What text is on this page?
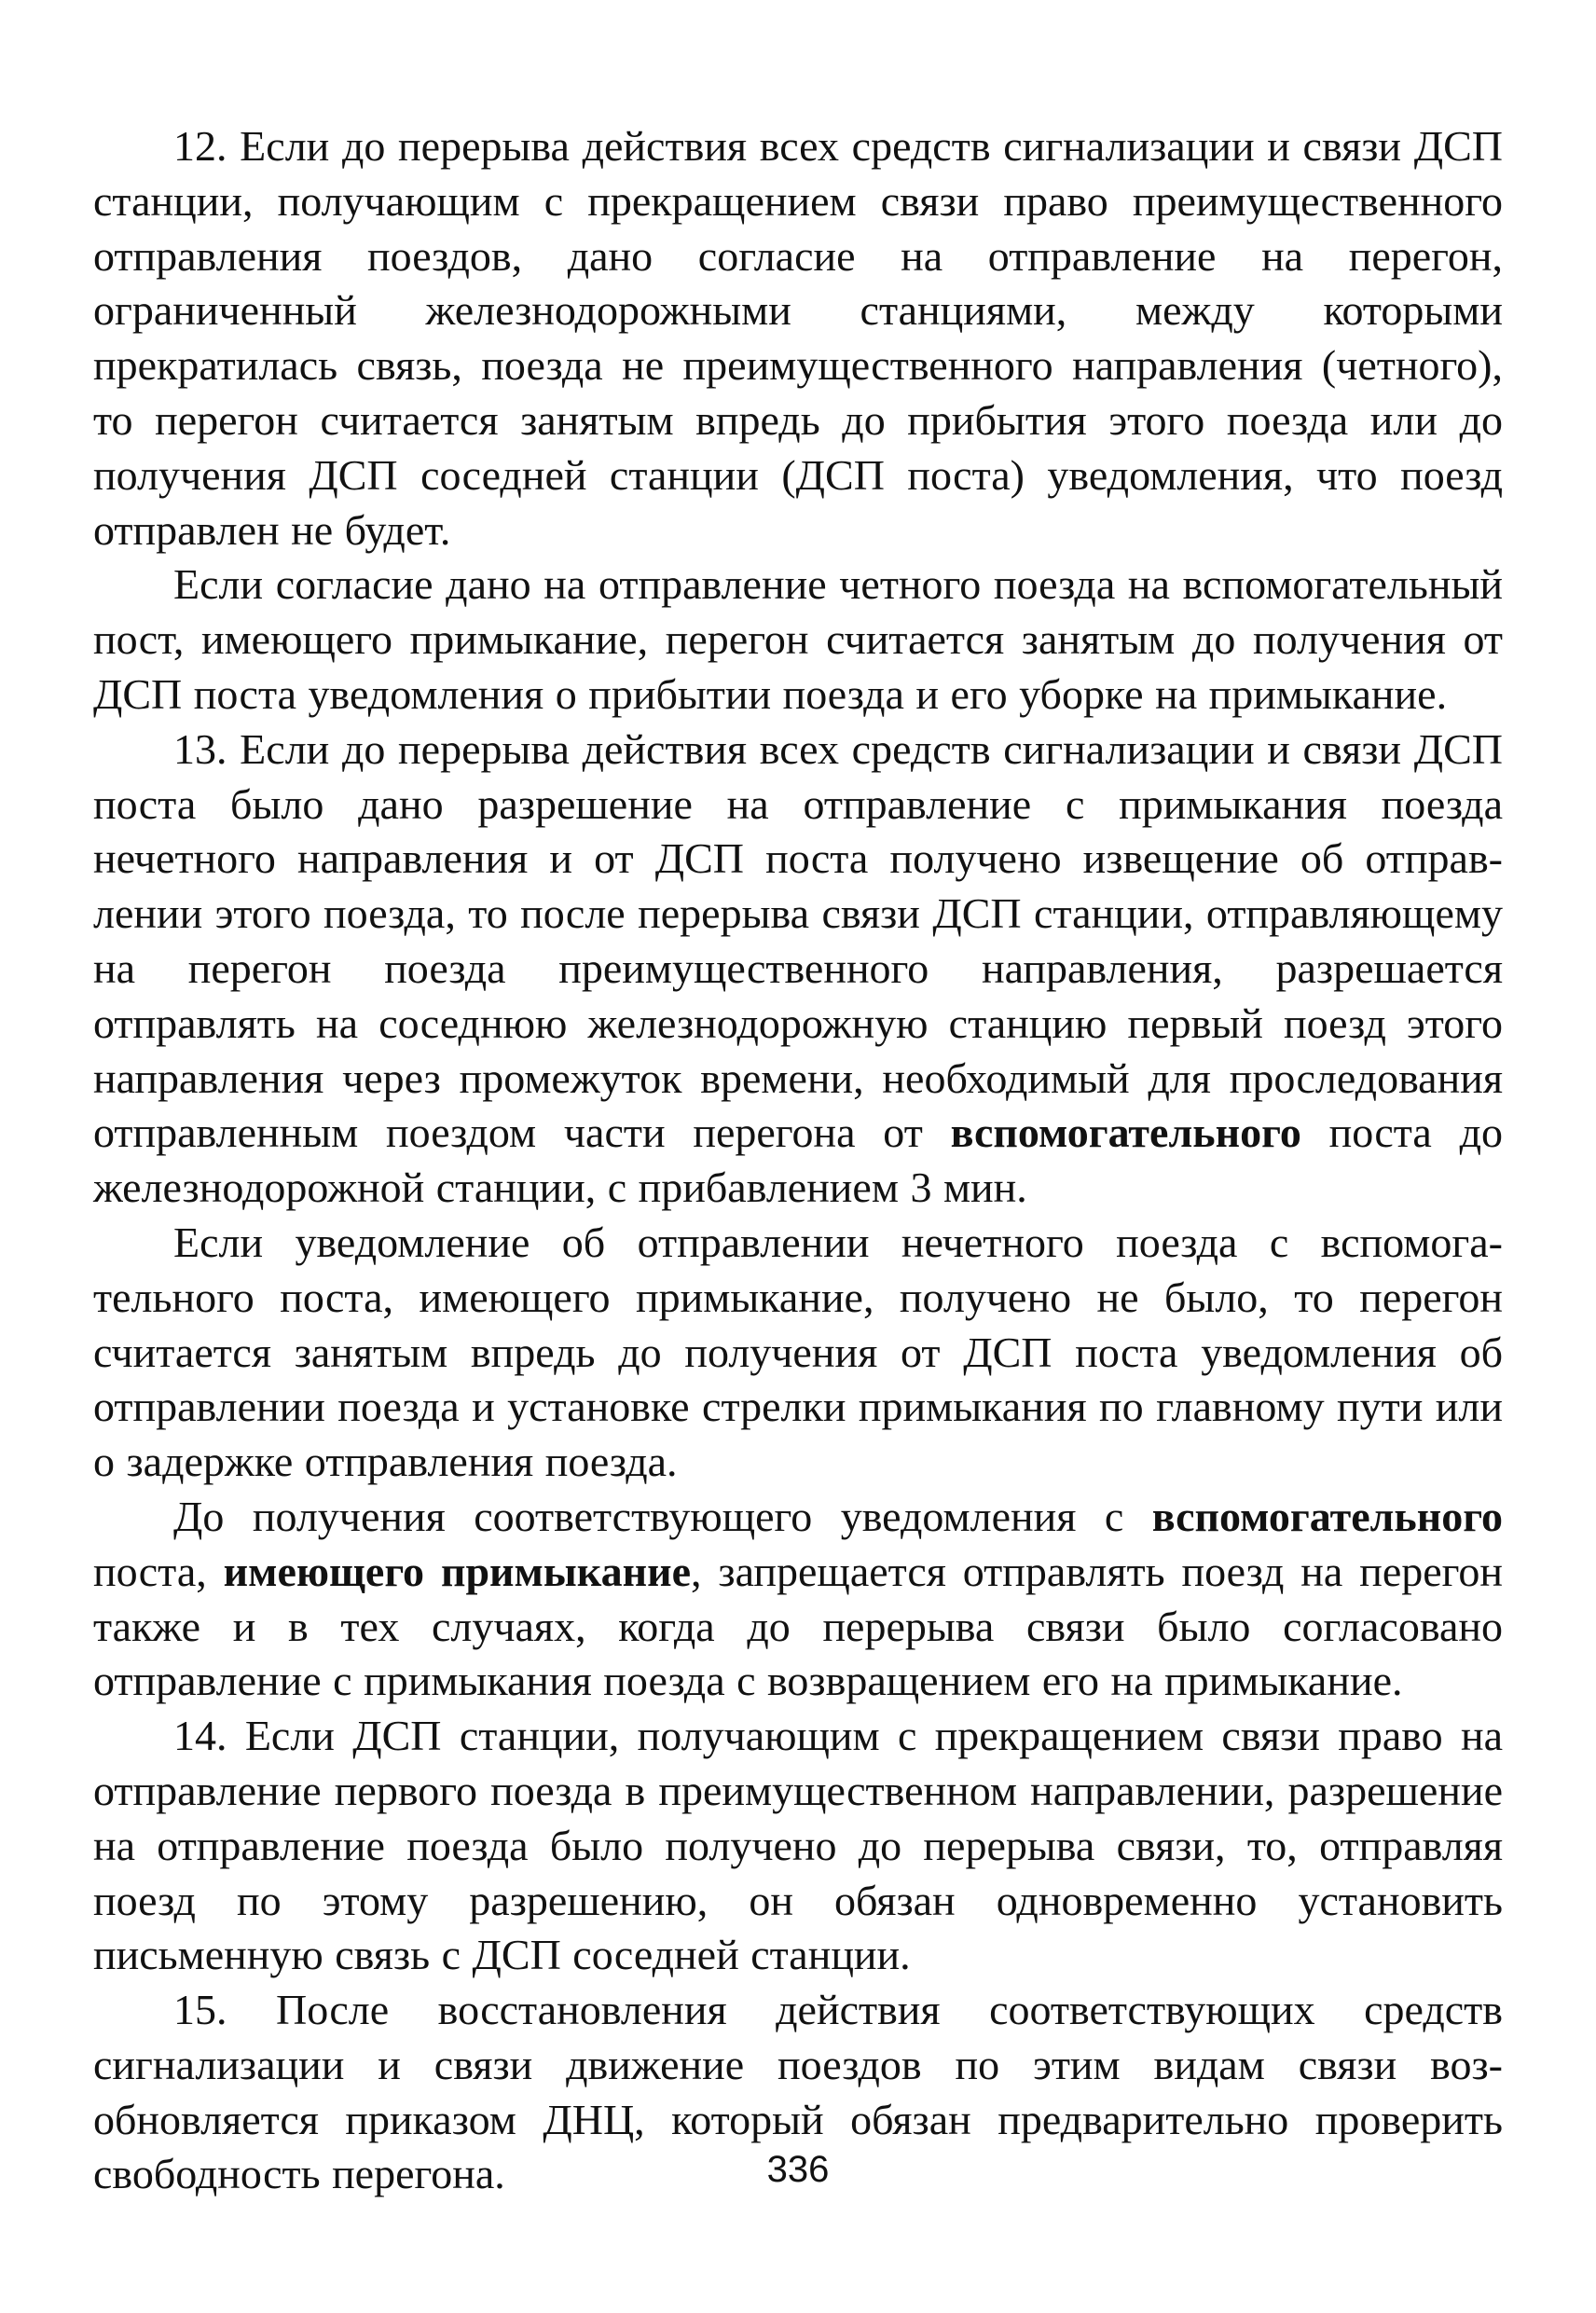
12. Если до перерыва действия всех средств сигнализации и связи ДСП станции, получающим с прекращением связи право преимущественного отправления поездов, дано согласие на отправление на перегон, ограниченный железнодорожными станциями, между которыми прекратилась связь, поезда не преимущественного направления (четного), то перегон считается занятым впредь до прибытия этого поезда или до получения ДСП соседней станции (ДСП поста) уведомления, что поезд отправлен не будет.

Если согласие дано на отправление четного поезда на вспомогательный пост, имеющего примыкание, перегон считается занятым до получения от ДСП поста уведомления о прибытии поезда и его уборке на примыкание.

13. Если до перерыва действия всех средств сигнализации и связи ДСП поста было дано разрешение на отправление с примыкания поезда нечетного направления и от ДСП поста получено извещение об отправлении этого поезда, то после перерыва связи ДСП станции, отправляющему на перегон поезда преимущественного направления, разрешается отправлять на соседнюю железнодорожную станцию первый поезд этого направления через промежуток времени, необходимый для проследования отправленным поездом части перегона от вспомогательного поста до железнодорожной станции, с прибавлением 3 мин.

Если уведомление об отправлении нечетного поезда с вспомогательного поста, имеющего примыкание, получено не было, то перегон считается занятым впредь до получения от ДСП поста уведомления об отправлении поезда и установке стрелки примыкания по главному пути или о задержке отправления поезда.

До получения соответствующего уведомления с вспомогательного поста, имеющего примыкание, запрещается отправлять поезд на перегон также и в тех случаях, когда до перерыва связи было согласовано отправление с примыкания поезда с возвращением его на примыкание.

14. Если ДСП станции, получающим с прекращением связи право на отправление первого поезда в преимущественном направлении, разрешение на отправление поезда было получено до перерыва связи, то, отправляя поезд по этому разрешению, он обязан одновременно установить письменную связь с ДСП соседней станции.

15. После восстановления действия соответствующих средств сигнализации и связи движение поездов по этим видам связи возобновляется приказом ДНЦ, который обязан предварительно проверить свободность перегона.	336
